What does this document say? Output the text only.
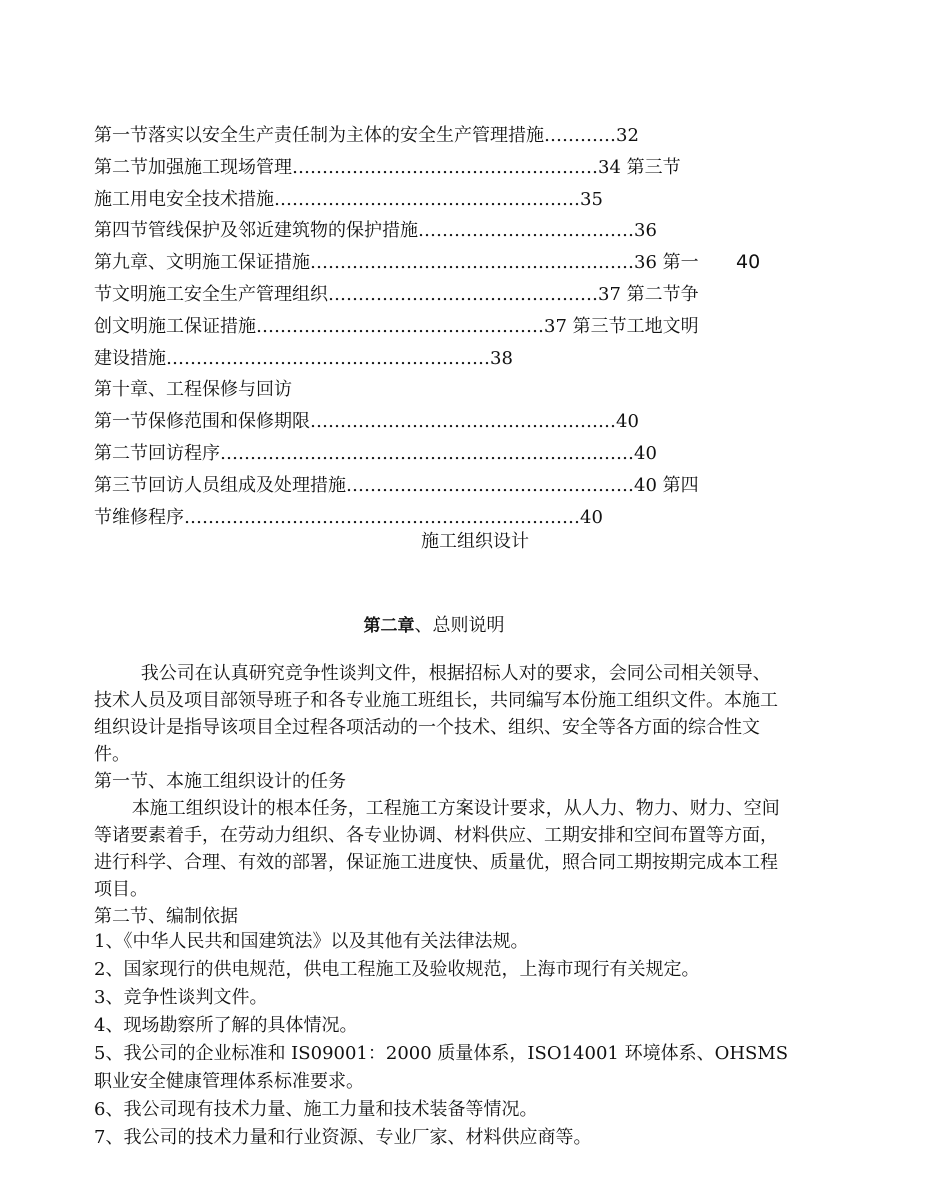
第一节落实以安全生产责任制为主体的安全生产管理措施…………32
第二节加强施工现场管理……………………………………………34 第三节
施工用电安全技术措施……………………………………………35
第四节管线保护及邻近建筑物的保护措施………………………………36
第九章、文明施工保证措施………………………………………………36 第一 40
节文明施工安全生产管理组织………………………………………37 第二节争
创文明施工保证措施…………………………………………37 第三节工地文明
建设措施………………………………………………38
第十章、工程保修与回访
第一节保修范围和保修期限……………………………………………40
第二节回访程序……………………………………………………………40
第三节回访人员组成及处理措施…………………………………………40 第四
节维修程序…………………………………………………………40
施工组织设计
第二章、总则说明

我公司在认真研究竞争性谈判文件，根据招标人对的要求，会同公司相关领导、技术人员及项目部领导班子和各专业施工班组长，共同编写本份施工组织文件。本施工组织设计是指导该项目全过程各项活动的一个技术、组织、安全等各方面的综合性文件。

第一节、本施工组织设计的任务

本施工组织设计的根本任务，工程施工方案设计要求，从人力、物力、财力、空间等诸要素着手，在劳动力组织、各专业协调、材料供应、工期安排和空间布置等方面，进行科学、合理、有效的部署，保证施工进度快、质量优，照合同工期按期完成本工程项目。

第二节、编制依据

1、《中华人民共和国建筑法》以及其他有关法律法规。
2、国家现行的供电规范，供电工程施工及验收规范，上海市现行有关规定。
3、竞争性谈判文件。
4、现场勘察所了解的具体情况。
5、我公司的企业标准和 IS09001：2000 质量体系，ISO14001 环境体系、OHSMS 职业安全健康管理体系标准要求。
6、我公司现有技术力量、施工力量和技术装备等情况。
7、我公司的技术力量和行业资源、专业厂家、材料供应商等。
